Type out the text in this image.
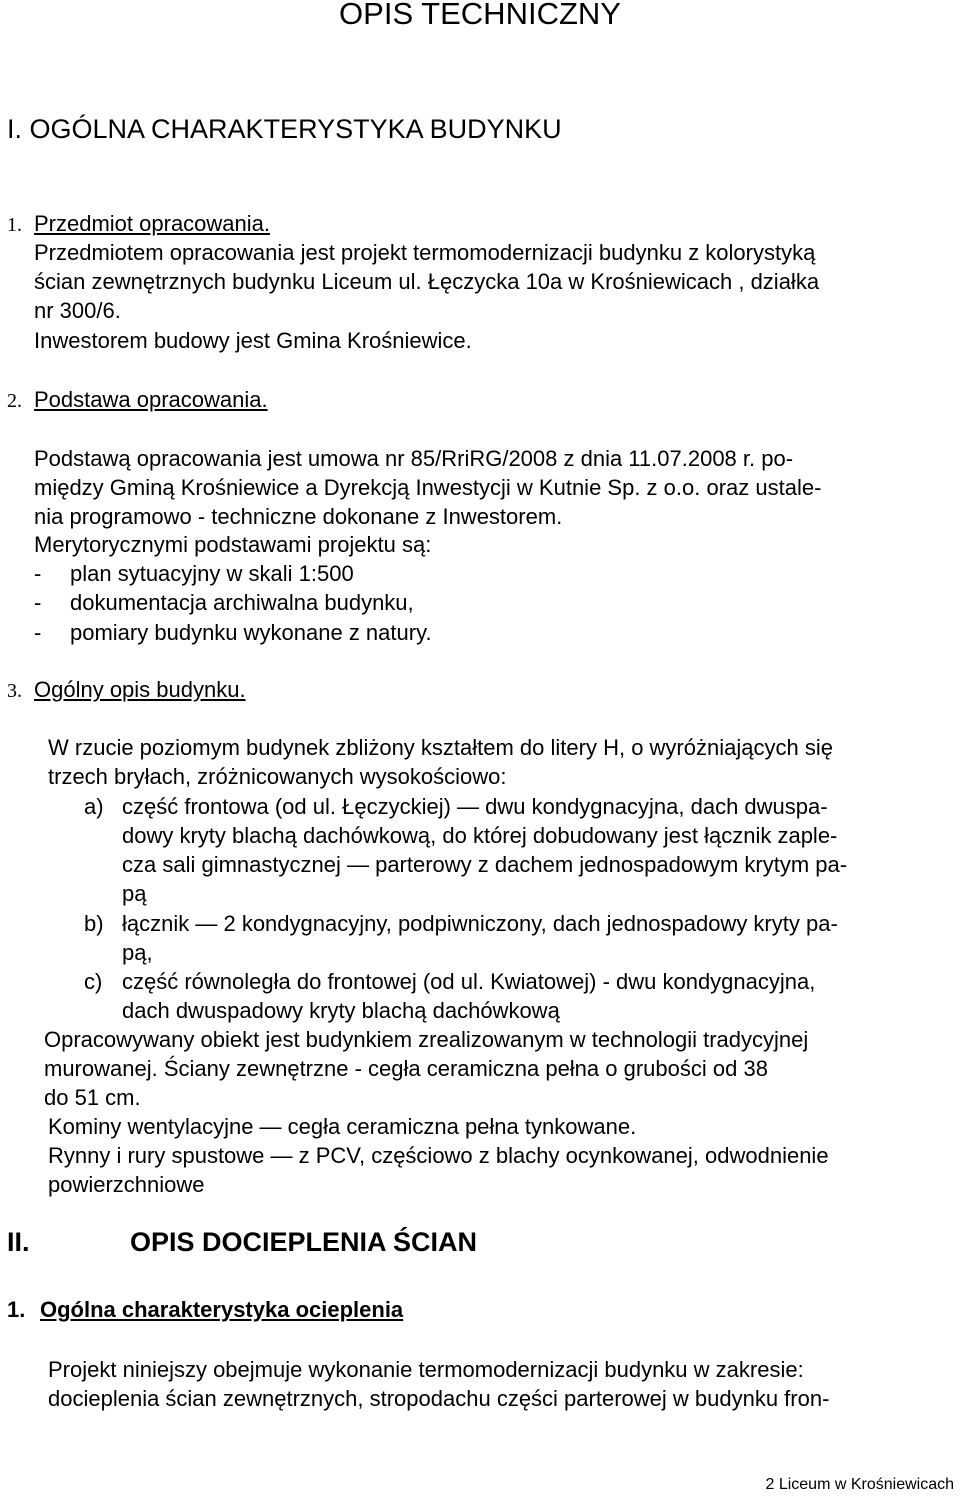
OPIS TECHNICZNY
I. OGÓLNA CHARAKTERYSTYKA BUDYNKU
1. Przedmiot opracowania.
Przedmiotem opracowania jest projekt termomodernizacji budynku z kolorystyką
ścian zewnętrznych budynku Liceum ul. Łęczycka 10a w Krośniewicach , działka
nr 300/6.
Inwestorem budowy jest Gmina Krośniewice.
2. Podstawa opracowania.
Podstawą opracowania jest umowa nr 85/RriRG/2008 z dnia 11.07.2008 r. po-
między Gminą Krośniewice a Dyrekcją Inwestycji w Kutnie Sp. z o.o. oraz ustale-
nia programowo - techniczne dokonane z Inwestorem.
Merytorycznymi podstawami projektu są:
- plan sytuacyjny w skali 1:500
- dokumentacja archiwalna budynku,
- pomiary budynku wykonane z natury.
3. Ogólny opis budynku.
W rzucie poziomym budynek zbliżony kształtem do litery H, o wyróżniających się
trzech bryłach, zróżnicowanych wysokościowo:
a) część frontowa (od ul. Łęczyckiej) — dwu kondygnacyjna, dach dwuspa-
dowy kryty blachą dachówkową, do której dobudowany jest łącznik zaple-
cza sali gimnastycznej — parterowy z dachem jednospadowym krytym pa-
pą
b) łącznik — 2 kondygnacyjny, podpiwniczony, dach jednospadowy kryty pa-
pą,
c) część równoległa do frontowej (od ul. Kwiatowej) - dwu kondygnacyjna,
dach dwuspadowy kryty blachą dachówkową
Opracowywany obiekt jest budynkiem zrealizowanym w technologii tradycyjnej
murowanej. Ściany zewnętrzne - cegła ceramiczna pełna o grubości od 38
do 51 cm.
Kominy wentylacyjne — cegła ceramiczna pełna tynkowane.
Rynny i rury spustowe — z PCV, częściowo z blachy ocynkowanej, odwodnienie
powierzchniowe
II.	OPIS DOCIEPLENIA ŚCIAN
1. Ogólna charakterystyka ocieplenia
Projekt niniejszy obejmuje wykonanie termomodernizacji budynku w zakresie:
docieplenia ścian zewnętrznych, stropodachu części parterowej w budynku fron-
2 Liceum w Krośniewicach
